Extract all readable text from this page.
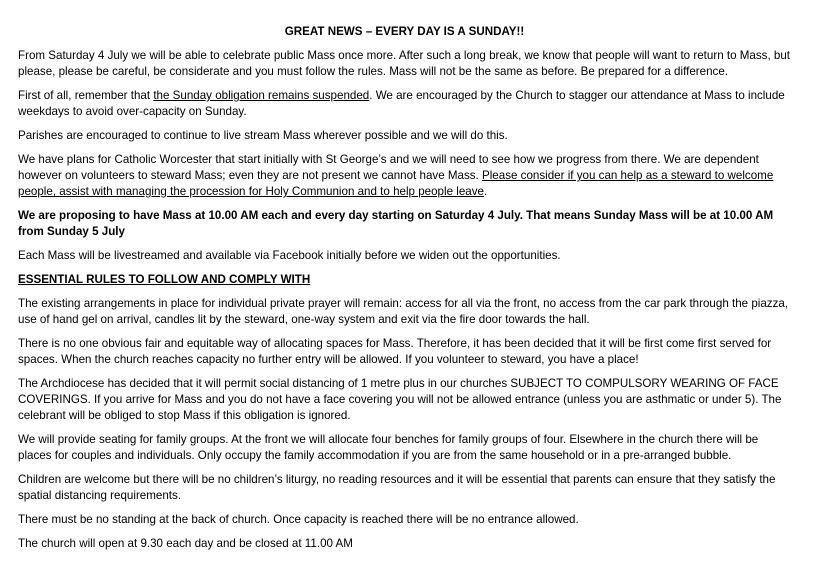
GREAT NEWS – EVERY DAY IS A SUNDAY!!

From Saturday 4 July we will be able to celebrate public Mass once more. After such a long break, we know that people will want to return to Mass, but please, please be careful, be considerate and you must follow the rules. Mass will not be the same as before. Be prepared for a difference.

First of all, remember that the Sunday obligation remains suspended. We are encouraged by the Church to stagger our attendance at Mass to include weekdays to avoid over-capacity on Sunday.

Parishes are encouraged to continue to live stream Mass wherever possible and we will do this.

We have plans for Catholic Worcester that start initially with St George’s and we will need to see how we progress from there. We are dependent however on volunteers to steward Mass; even they are not present we cannot have Mass. Please consider if you can help as a steward to welcome people, assist with managing the procession for Holy Communion and to help people leave.

We are proposing to have Mass at 10.00 AM each and every day starting on Saturday 4 July. That means Sunday Mass will be at 10.00 AM from Sunday 5 July

Each Mass will be livestreamed and available via Facebook initially before we widen out the opportunities.

ESSENTIAL RULES TO FOLLOW AND COMPLY WITH

The existing arrangements in place for individual private prayer will remain: access for all via the front, no access from the car park through the piazza, use of hand gel on arrival, candles lit by the steward, one-way system and exit via the fire door towards the hall.

There is no one obvious fair and equitable way of allocating spaces for Mass. Therefore, it has been decided that it will be first come first served for spaces. When the church reaches capacity no further entry will be allowed. If you volunteer to steward, you have a place!

The Archdiocese has decided that it will permit social distancing of 1 metre plus in our churches SUBJECT TO COMPULSORY WEARING OF FACE COVERINGS. If you arrive for Mass and you do not have a face covering you will not be allowed entrance (unless you are asthmatic or under 5). The celebrant will be obliged to stop Mass if this obligation is ignored.

We will provide seating for family groups. At the front we will allocate four benches for family groups of four. Elsewhere in the church there will be places for couples and individuals. Only occupy the family accommodation if you are from the same household or in a pre-arranged bubble.

Children are welcome but there will be no children’s liturgy, no reading resources and it will be essential that parents can ensure that they satisfy the spatial distancing requirements.

There must be no standing at the back of church. Once capacity is reached there will be no entrance allowed.

The church will open at 9.30 each day and be closed at 11.00 AM
